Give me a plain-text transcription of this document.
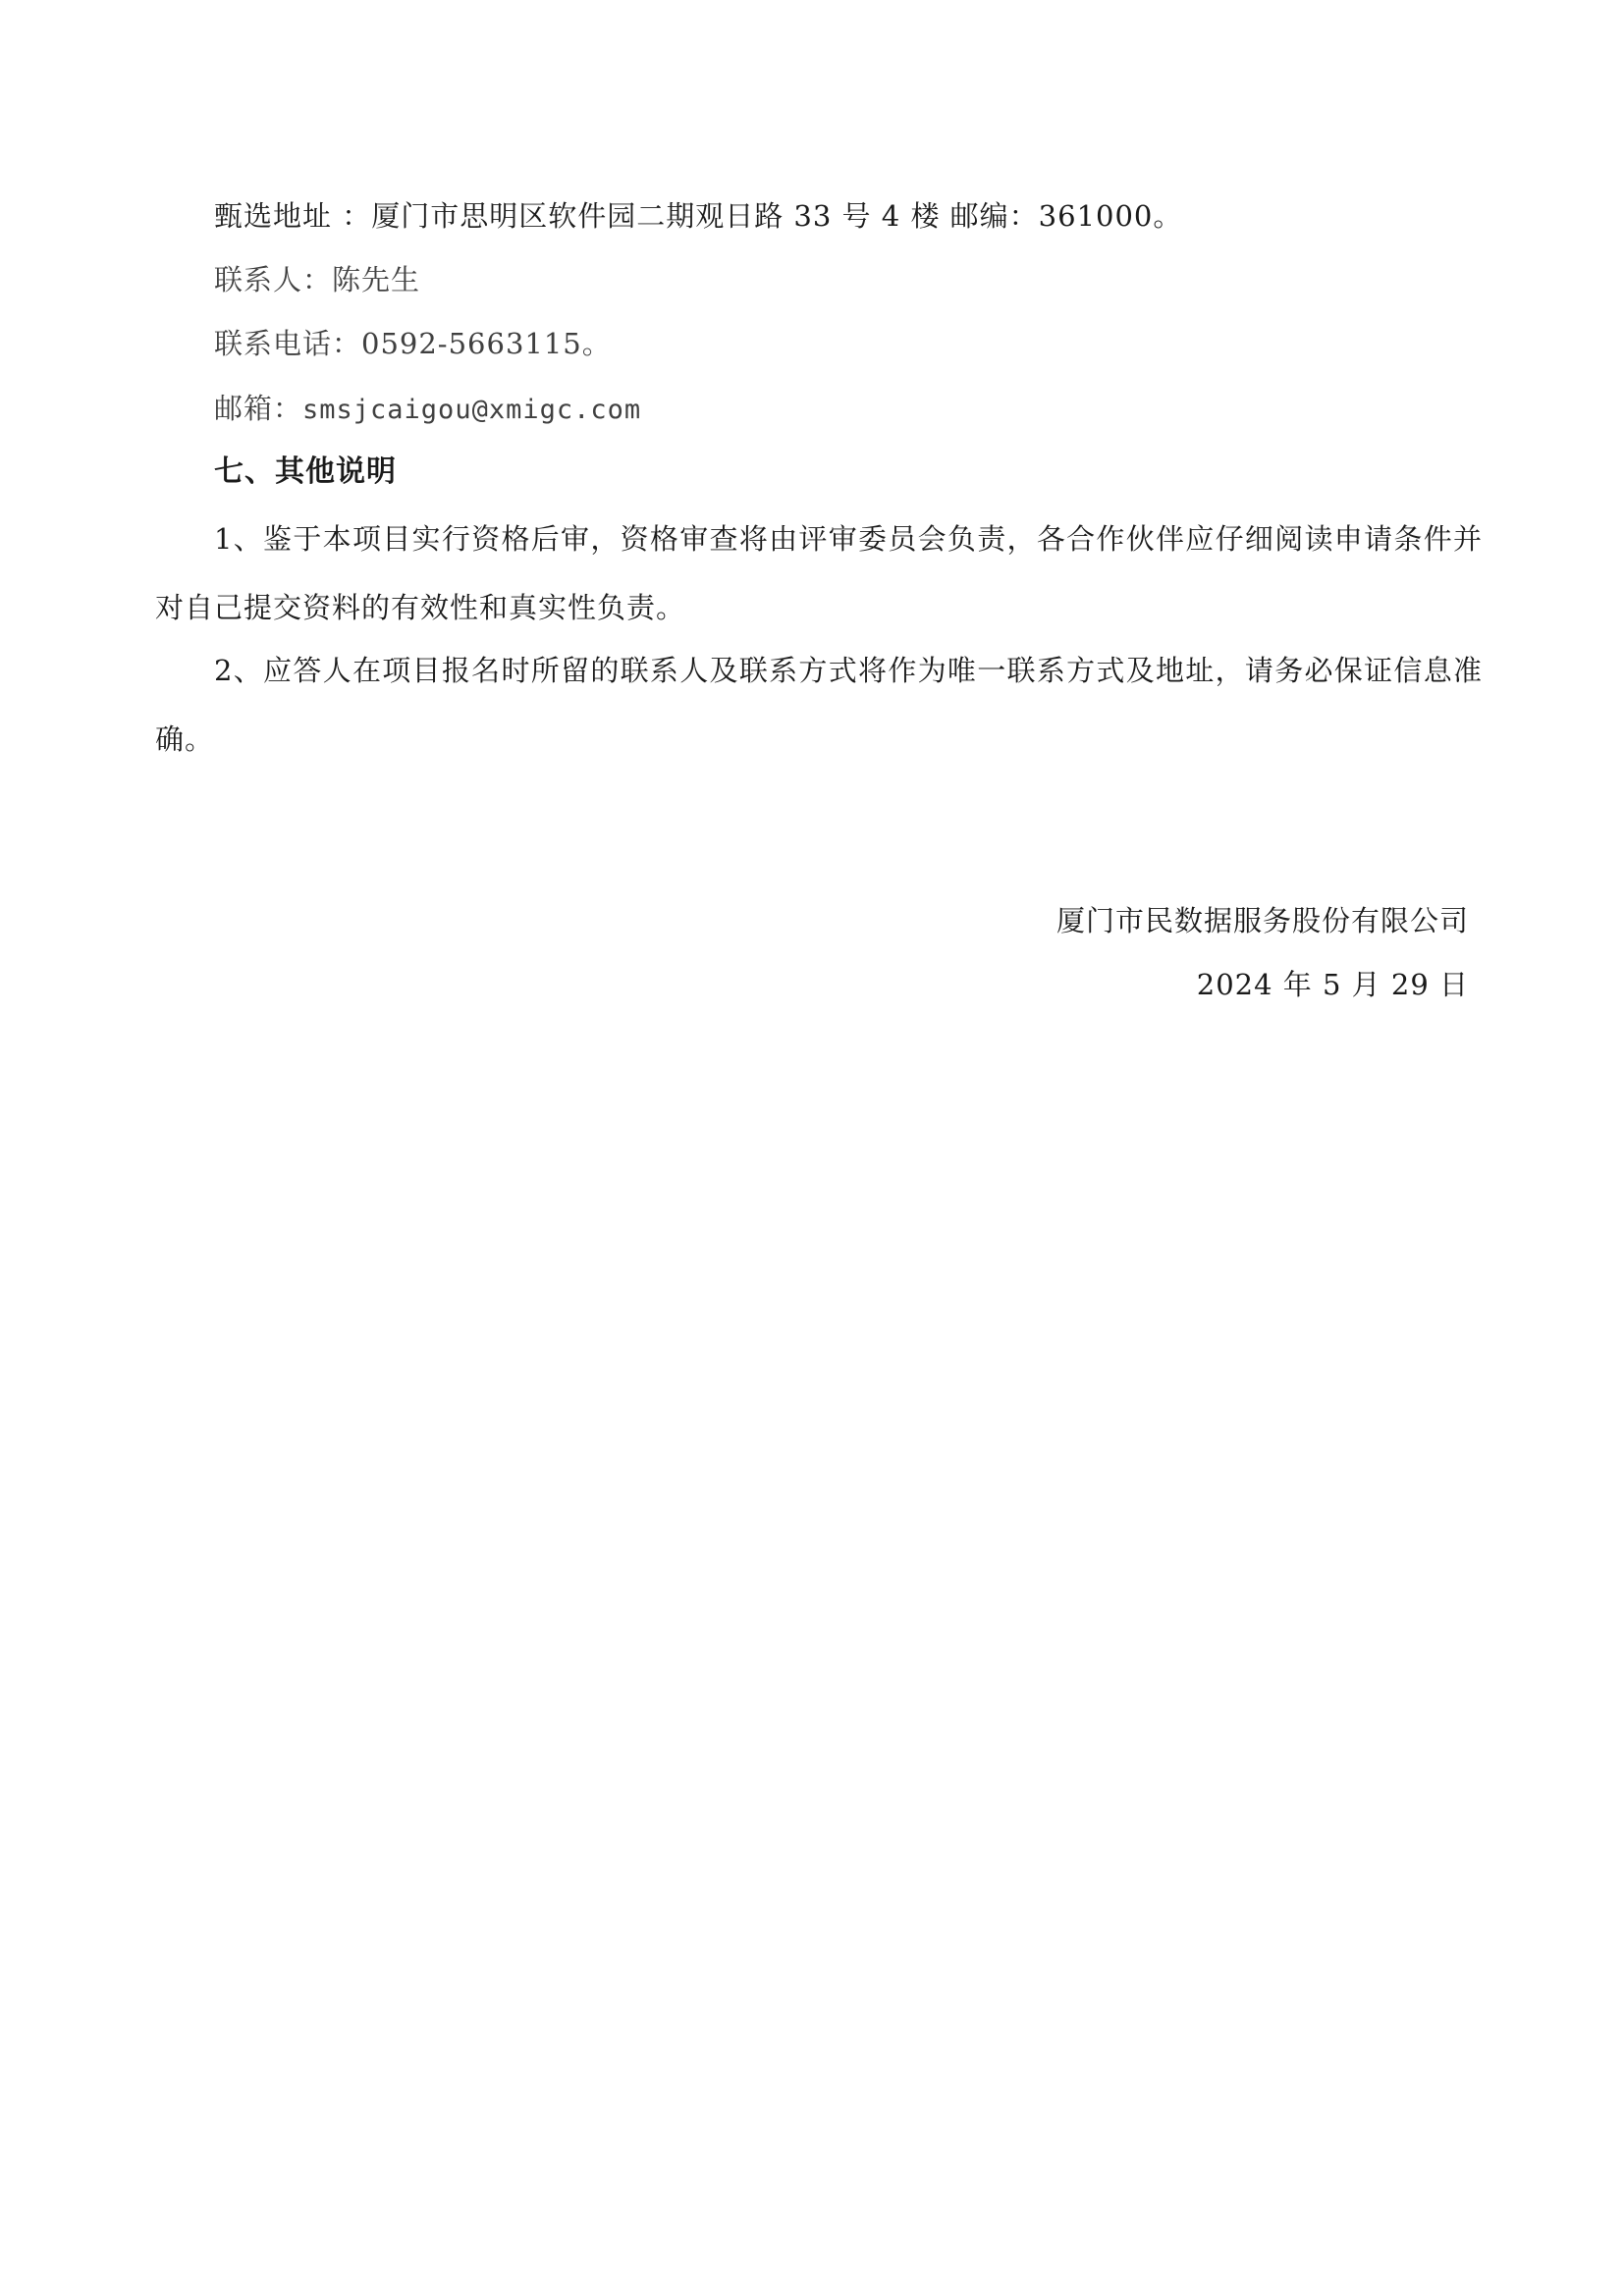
甄选地址 ：厦门市思明区软件园二期观日路 33 号 4 楼 邮编：361000。
联系人：陈先生
联系电话：0592-5663115。
邮箱：smsjcaigou@xmigc.com
七、其他说明
1、鉴于本项目实行资格后审，资格审查将由评审委员会负责，各合作伙伴应仔细阅读申请条件并对自己提交资料的有效性和真实性负责。
2、应答人在项目报名时所留的联系人及联系方式将作为唯一联系方式及地址，请务必保证信息准确。
厦门市民数据服务股份有限公司
2024 年 5 月 29 日
